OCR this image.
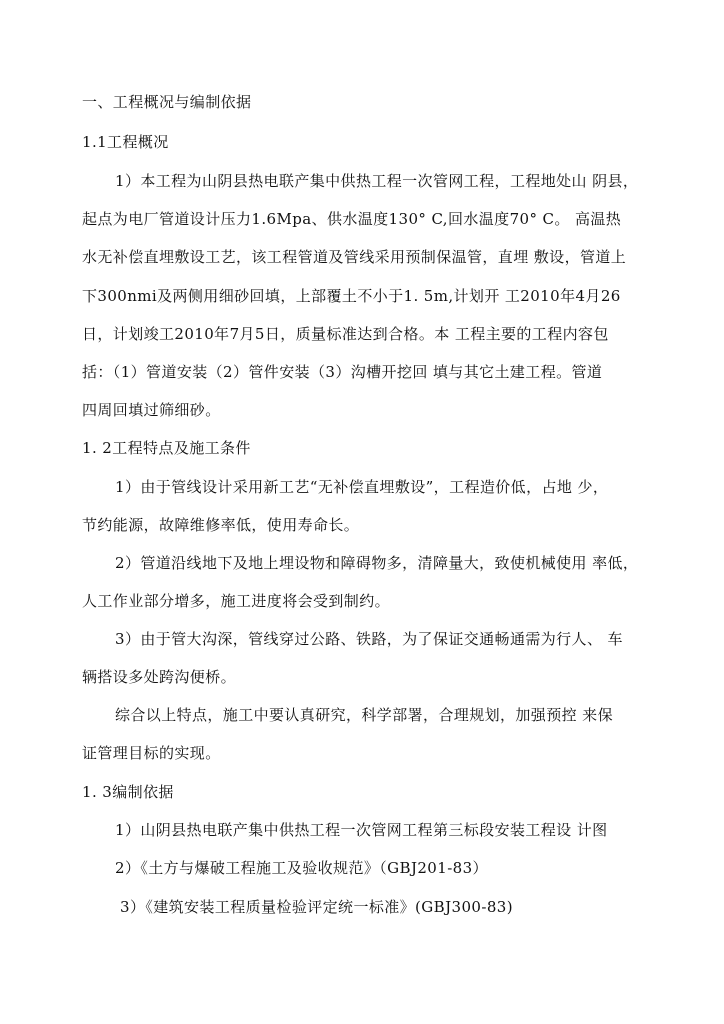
一、工程概况与编制依据
1.1工程概况
1）本工程为山阴县热电联产集中供热工程一次管网工程，工程地处山 阴县，
起点为电厂管道设计压力1.6Mpa、供水温度130° C,回水温度70° C。 高温热
水无补偿直埋敷设工艺，该工程管道及管线采用预制保温管，直埋 敷设，管道上
下300nmi及两侧用细砂回填，上部覆土不小于1. 5m,计划开 工2010年4月26
日，计划竣工2010年7月5日，质量标准达到合格。本 工程主要的工程内容包
括：（1）管道安装（2）管件安装（3）沟槽开挖回 填与其它土建工程。管道
四周回填过筛细砂。
1. 2工程特点及施工条件
1）由于管线设计采用新工艺“无补偿直埋敷设”，工程造价低，占地 少，
节约能源，故障维修率低，使用寿命长。
2）管道沿线地下及地上埋设物和障碍物多，清障量大，致使机械使用 率低，
人工作业部分增多，施工进度将会受到制约。
3）由于管大沟深，管线穿过公路、铁路，为了保证交通畅通需为行人、 车
辆搭设多处跨沟便桥。
综合以上特点，施工中要认真研究，科学部署，合理规划，加强预控 来保
证管理目标的实现。
1. 3编制依据
1）山阴县热电联产集中供热工程一次管网工程第三标段安装工程设 计图
2）《土方与爆破工程施工及验收规范》（GBJ201-83）
3）《建筑安装工程质量检验评定统一标准》(GBJ300-83)
